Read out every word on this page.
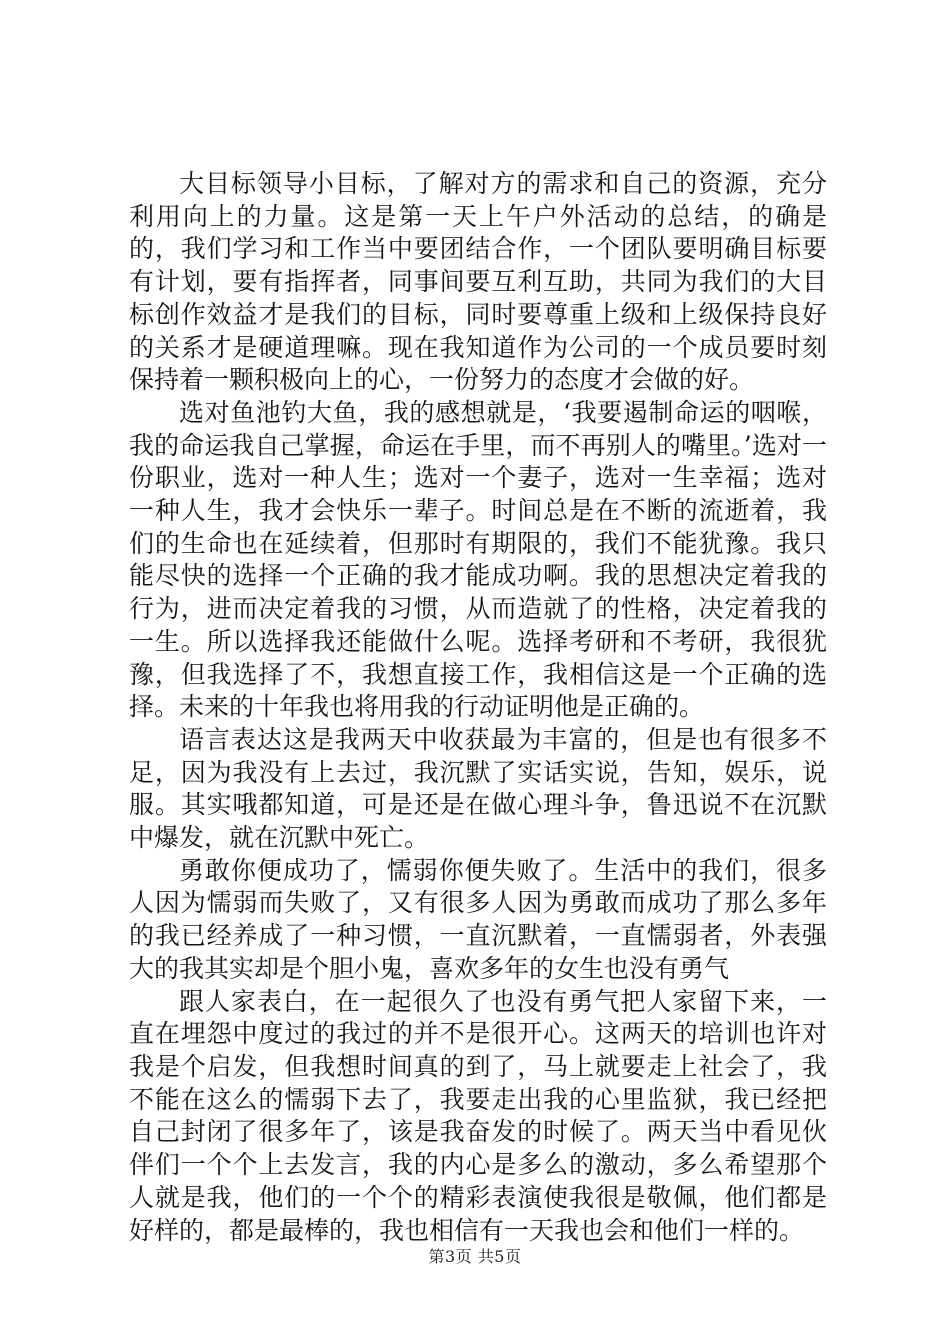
大目标领导小目标，了解对方的需求和自己的资源，充分利用向上的力量。这是第一天上午户外活动的总结，的确是的，我们学习和工作当中要团结合作，一个团队要明确目标要有计划，要有指挥者，同事间要互利互助，共同为我们的大目标创作效益才是我们的目标，同时要尊重上级和上级保持良好的关系才是硬道理嘛。现在我知道作为公司的一个成员要时刻保持着一颗积极向上的心，一份努力的态度才会做的好。

选对鱼池钓大鱼，我的感想就是，‘我要遏制命运的咽喉，我的命运我自己掌握，命运在手里，而不再别人的嘴里。’选对一份职业，选对一种人生；选对一个妻子，选对一生幸福；选对一种人生，我才会快乐一辈子。时间总是在不断的流逝着，我们的生命也在延续着，但那时有期限的，我们不能犹豫。我只能尽快的选择一个正确的我才能成功啊。我的思想决定着我的行为，进而决定着我的习惯，从而造就了的性格，决定着我的一生。所以选择我还能做什么呢。选择考研和不考研，我很犹豫，但我选择了不，我想直接工作，我相信这是一个正确的选择。未来的十年我也将用我的行动证明他是正确的。

语言表达这是我两天中收获最为丰富的，但是也有很多不足，因为我没有上去过，我沉默了实话实说，告知，娱乐，说服。其实哦都知道，可是还是在做心理斗争，鲁迅说不在沉默中爆发，就在沉默中死亡。

勇敢你便成功了，懦弱你便失败了。生活中的我们，很多人因为懦弱而失败了，又有很多人因为勇敢而成功了那么多年的我已经养成了一种习惯，一直沉默着，一直懦弱者，外表强大的我其实却是个胆小鬼，喜欢多年的女生也没有勇气

跟人家表白，在一起很久了也没有勇气把人家留下来，一直在埋怨中度过的我过的并不是很开心。这两天的培训也许对我是个启发，但我想时间真的到了，马上就要走上社会了，我不能在这么的懦弱下去了，我要走出我的心里监狱，我已经把自己封闭了很多年了，该是我奋发的时候了。两天当中看见伙伴们一个个上去发言，我的内心是多么的激动，多么希望那个人就是我，他们的一个个的精彩表演使我很是敬佩，他们都是好样的，都是最棒的，我也相信有一天我也会和他们一样的。

第3页 共5页
